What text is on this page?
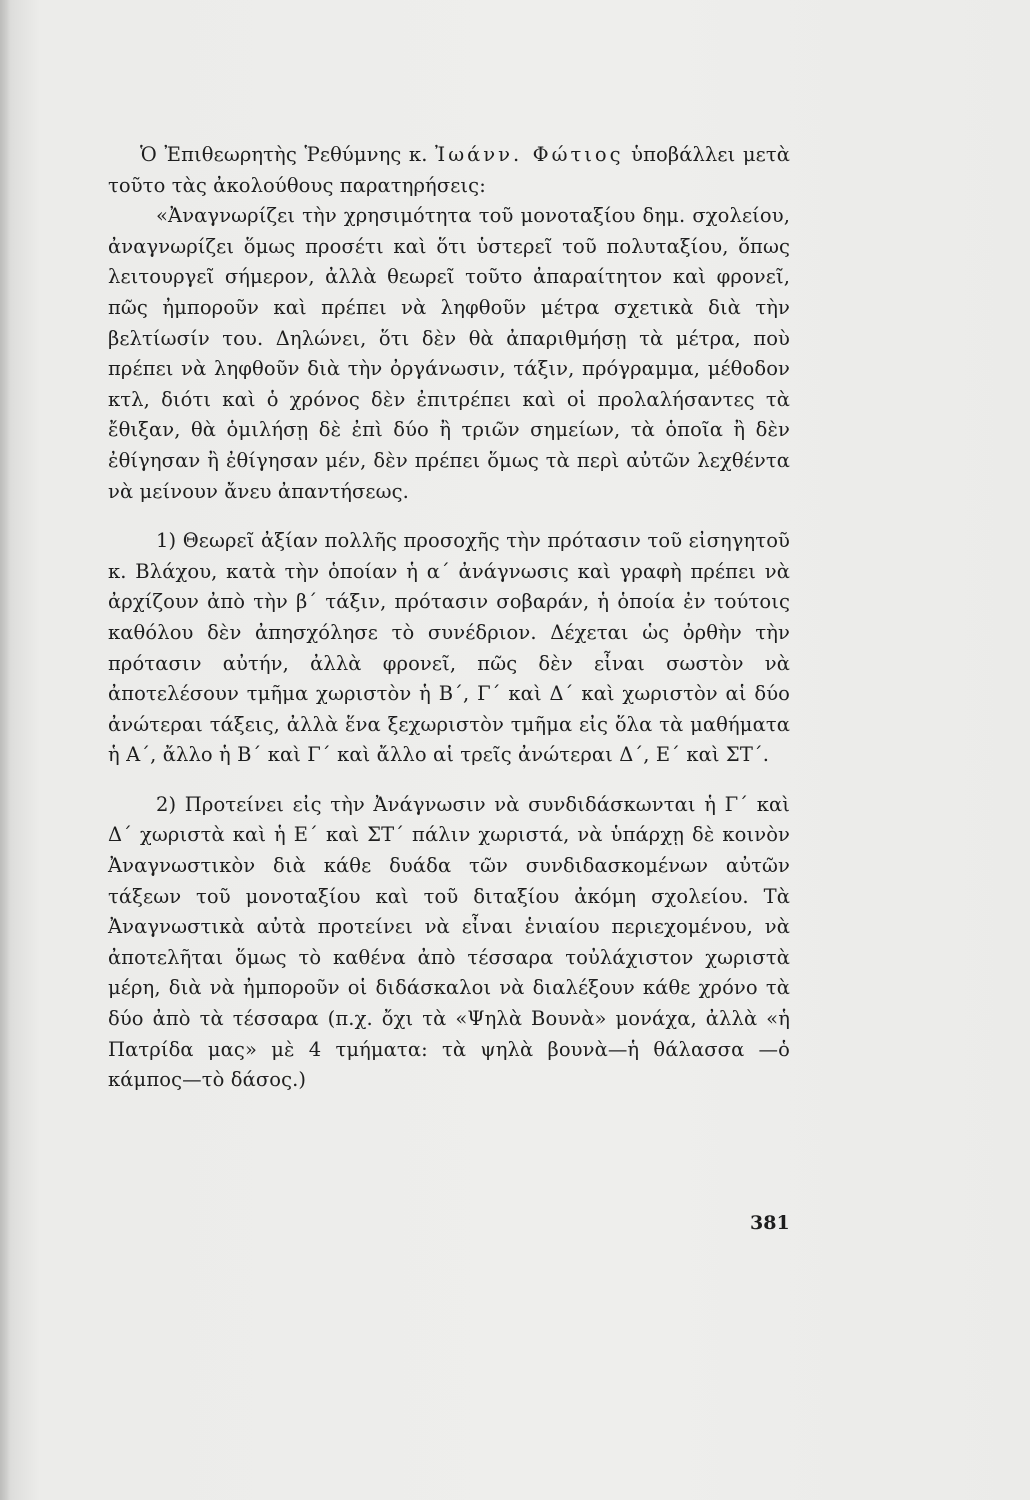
Ὁ Ἐπιθεωρητὴς Ῥεθύμνης κ. Ἰωάνν. Φώτιος ὑποβάλλει μετὰ τοῦτο τὰς ἀκολούθους παρατηρήσεις:

«Ἀναγνωρίζει τὴν χρησιμότητα τοῦ μονοταξίου δημ. σχολείου, ἀναγνωρίζει ὅμως προσέτι καὶ ὅτι ὑστερεῖ τοῦ πολυταξίου, ὅπως λειτουργεῖ σήμερον, ἀλλὰ θεωρεῖ τοῦτο ἀπαραίτητον καὶ φρονεῖ, πῶς ἠμποροῦν καὶ πρέπει νὰ ληφθοῦν μέτρα σχετικὰ διὰ τὴν βελτίωσίν του. Δηλώνει, ὅτι δὲν θὰ ἀπαριθμήσῃ τὰ μέτρα, ποὺ πρέπει νὰ ληφθοῦν διὰ τὴν ὀργάνωσιν, τάξιν, πρόγραμμα, μέθοδον κτλ, διότι καὶ ὁ χρόνος δὲν ἐπιτρέπει καὶ οἱ προλαλήσαντες τὰ ἔθιξαν, θὰ ὁμιλήσῃ δὲ ἐπὶ δύο ἢ τριῶν σημείων, τὰ ὁποῖα ἢ δὲν ἐθίγησαν ἢ ἐθίγησαν μέν, δὲν πρέπει ὅμως τὰ περὶ αὐτῶν λεχθέντα νὰ μείνουν ἄνευ ἀπαντήσεως.

1) Θεωρεῖ ἀξίαν πολλῆς προσοχῆς τὴν πρότασιν τοῦ εἰσηγητοῦ κ. Βλάχου, κατὰ τὴν ὁποίαν ἡ α΄ ἀνάγνωσις καὶ γραφὴ πρέπει νὰ ἀρχίζουν ἀπὸ τὴν β΄ τάξιν, πρότασιν σοβαράν, ἡ ὁποία ἐν τούτοις καθόλου δὲν ἀπησχόλησε τὸ συνέδριον. Δέχεται ὡς ὀρθὴν τὴν πρότασιν αὐτήν, ἀλλὰ φρονεῖ, πῶς δὲν εἶναι σωστὸν νὰ ἀποτελέσουν τμῆμα χωριστὸν ἡ Β΄, Γ΄ καὶ Δ΄ καὶ χωριστὸν αἱ δύο ἀνώτεραι τάξεις, ἀλλὰ ἕνα ξεχωριστὸν τμῆμα εἰς ὅλα τὰ μαθήματα ἡ Α΄, ἄλλο ἡ Β΄ καὶ Γ΄ καὶ ἄλλο αἱ τρεῖς ἀνώτεραι Δ΄, Ε΄ καὶ ΣΤ΄.

2) Προτείνει εἰς τὴν Ἀνάγνωσιν νὰ συνδιδάσκωνται ἡ Γ΄ καὶ Δ΄ χωριστὰ καὶ ἡ Ε΄ καὶ ΣΤ΄ πάλιν χωριστά, νὰ ὑπάρχῃ δὲ κοινὸν Ἀναγνωστικὸν διὰ κάθε δυάδα τῶν συνδιδασκομένων αὐτῶν τάξεων τοῦ μονοταξίου καὶ τοῦ διταξίου ἀκόμη σχολείου. Τὰ Ἀναγνωστικὰ αὐτὰ προτείνει νὰ εἶναι ἑνιαίου περιεχομένου, νὰ ἀποτελῆται ὅμως τὸ καθένα ἀπὸ τέσσαρα τοὐλάχιστον χωριστὰ μέρη, διὰ νὰ ἠμποροῦν οἱ διδάσκαλοι νὰ διαλέξουν κάθε χρόνο τὰ δύο ἀπὸ τὰ τέσσαρα (π.χ. ὄχι τὰ «Ψηλὰ Βουνὰ» μονάχα, ἀλλὰ «ἡ Πατρίδα μας» μὲ 4 τμήματα: τὰ ψηλὰ βουνὰ—ἡ θάλασσα —ὁ κάμπος—τὸ δάσος.)

381
